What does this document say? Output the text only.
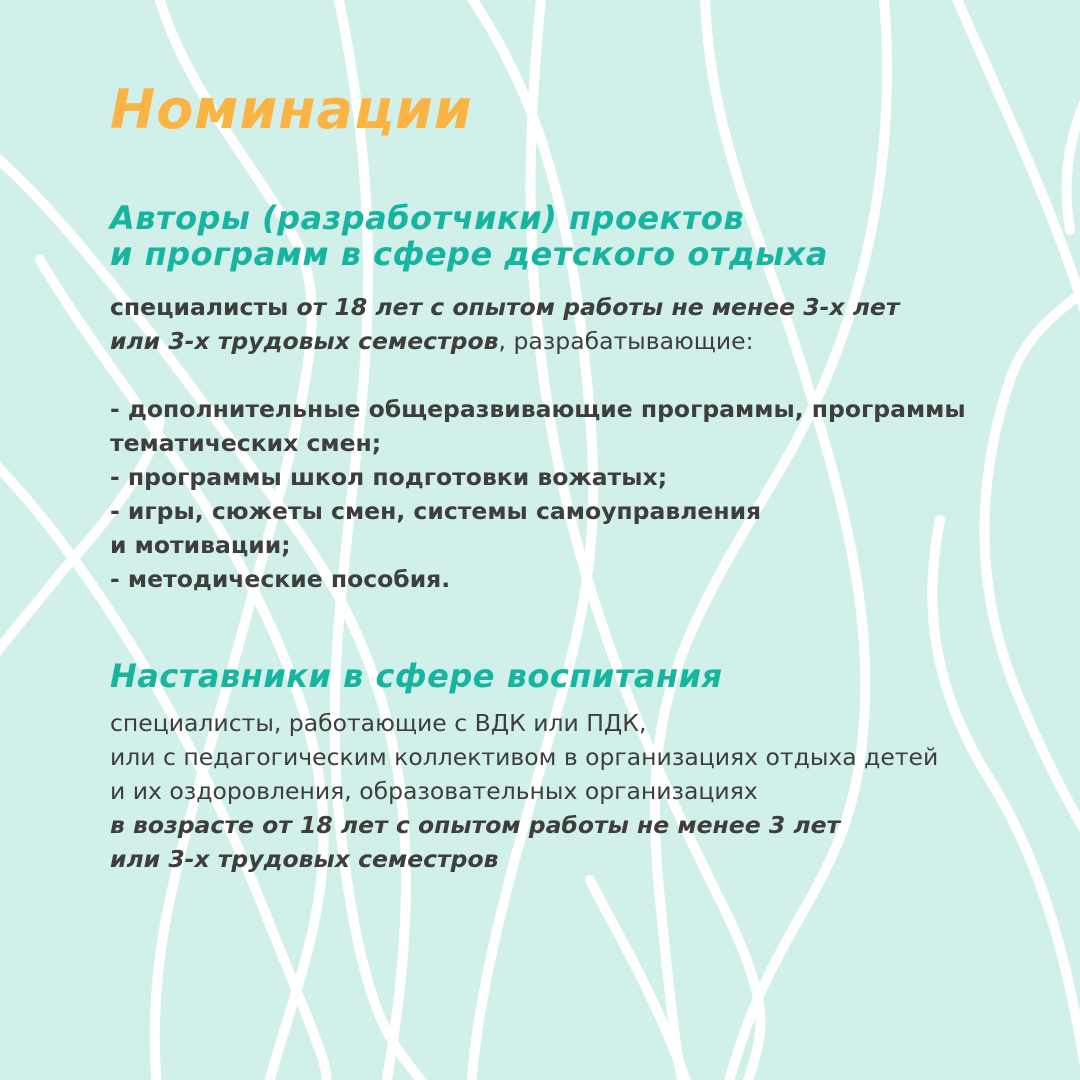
Номинации
Авторы (разработчики) проектов
и программ в сфере детского отдыха

специалисты от 18 лет с опытом работы не менее 3-х лет
или 3-х трудовых семестров, разрабатывающие:
- дополнительные общеразвивающие программы, программы
тематических смен;
- программы школ подготовки вожатых;
- игры, сюжеты смен, системы самоуправления
и мотивации;
- методические пособия.

Наставники в сфере воспитания

специалисты, работающие с ВДК или ПДК,
или с педагогическим коллективом в организациях отдыха детей
и их оздоровления, образовательных организациях
в возрасте от 18 лет с опытом работы не менее 3 лет
или 3-х трудовых семестров
